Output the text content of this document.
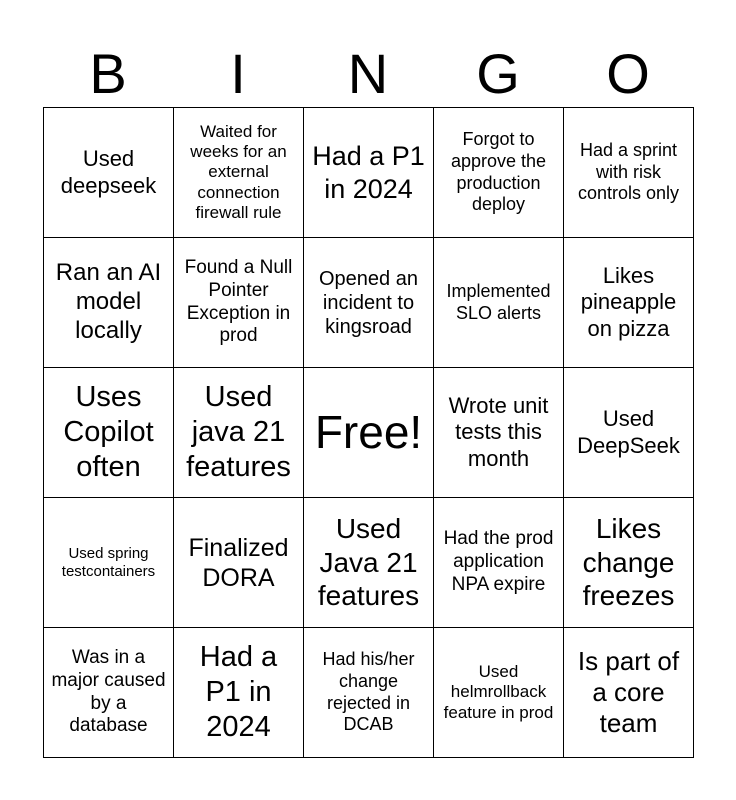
B	I	N	G	O
Used deepseek	Waited for weeks for an external connection firewall rule	Had a P1 in 2024	Forgot to approve the production deploy	Had a sprint with risk controls only
Ran an AI model locally	Found a Null Pointer Exception in prod	Opened an incident to kingsroad	Implemented SLO alerts	Likes pineapple on pizza
Uses Copilot often	Used java 21 features	Free!	Wrote unit tests this month	Used DeepSeek
Used spring testcontainers	Finalized DORA	Used Java 21 features	Had the prod application NPA expire	Likes change freezes
Was in a major caused by a database	Had a P1 in 2024	Had his/her change rejected in DCAB	Used helmrollback feature in prod	Is part of a core team
